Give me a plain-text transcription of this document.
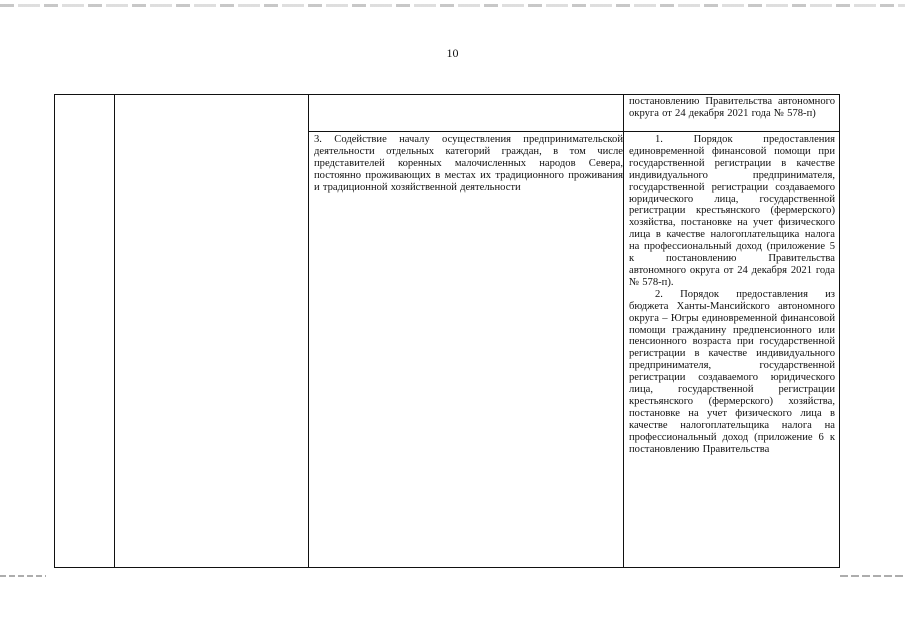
10
постановлению Правительства автономного округа от 24 декабря 2021 года № 578-п)
3. Содействие началу осуществления предпринимательской деятельности отдельных категорий граждан, в том числе представителей коренных малочисленных народов Севера, постоянно проживающих в местах их традиционного проживания и традиционной хозяйственной деятельности

1. Порядок предоставления единовременной финансовой помощи при государственной регистрации в качестве индивидуального предпринимателя, государственной регистрации создаваемого юридического лица, государственной регистрации крестьянского (фермерского) хозяйства, постановке на учет физического лица в качестве налогоплательщика налога на профессиональный доход (приложение 5 к постановлению Правительства автономного округа от 24 декабря 2021 года № 578-п).

2. Порядок предоставления из бюджета Ханты-Мансийского автономного округа – Югры единовременной финансовой помощи гражданину предпенсионного или пенсионного возраста при государственной регистрации в качестве индивидуального предпринимателя, государственной регистрации создаваемого юридического лица, государственной регистрации крестьянского (фермерского) хозяйства, постановке на учет физического лица в качестве налогоплательщика налога на профессиональный доход (приложение 6 к постановлению Правительства
